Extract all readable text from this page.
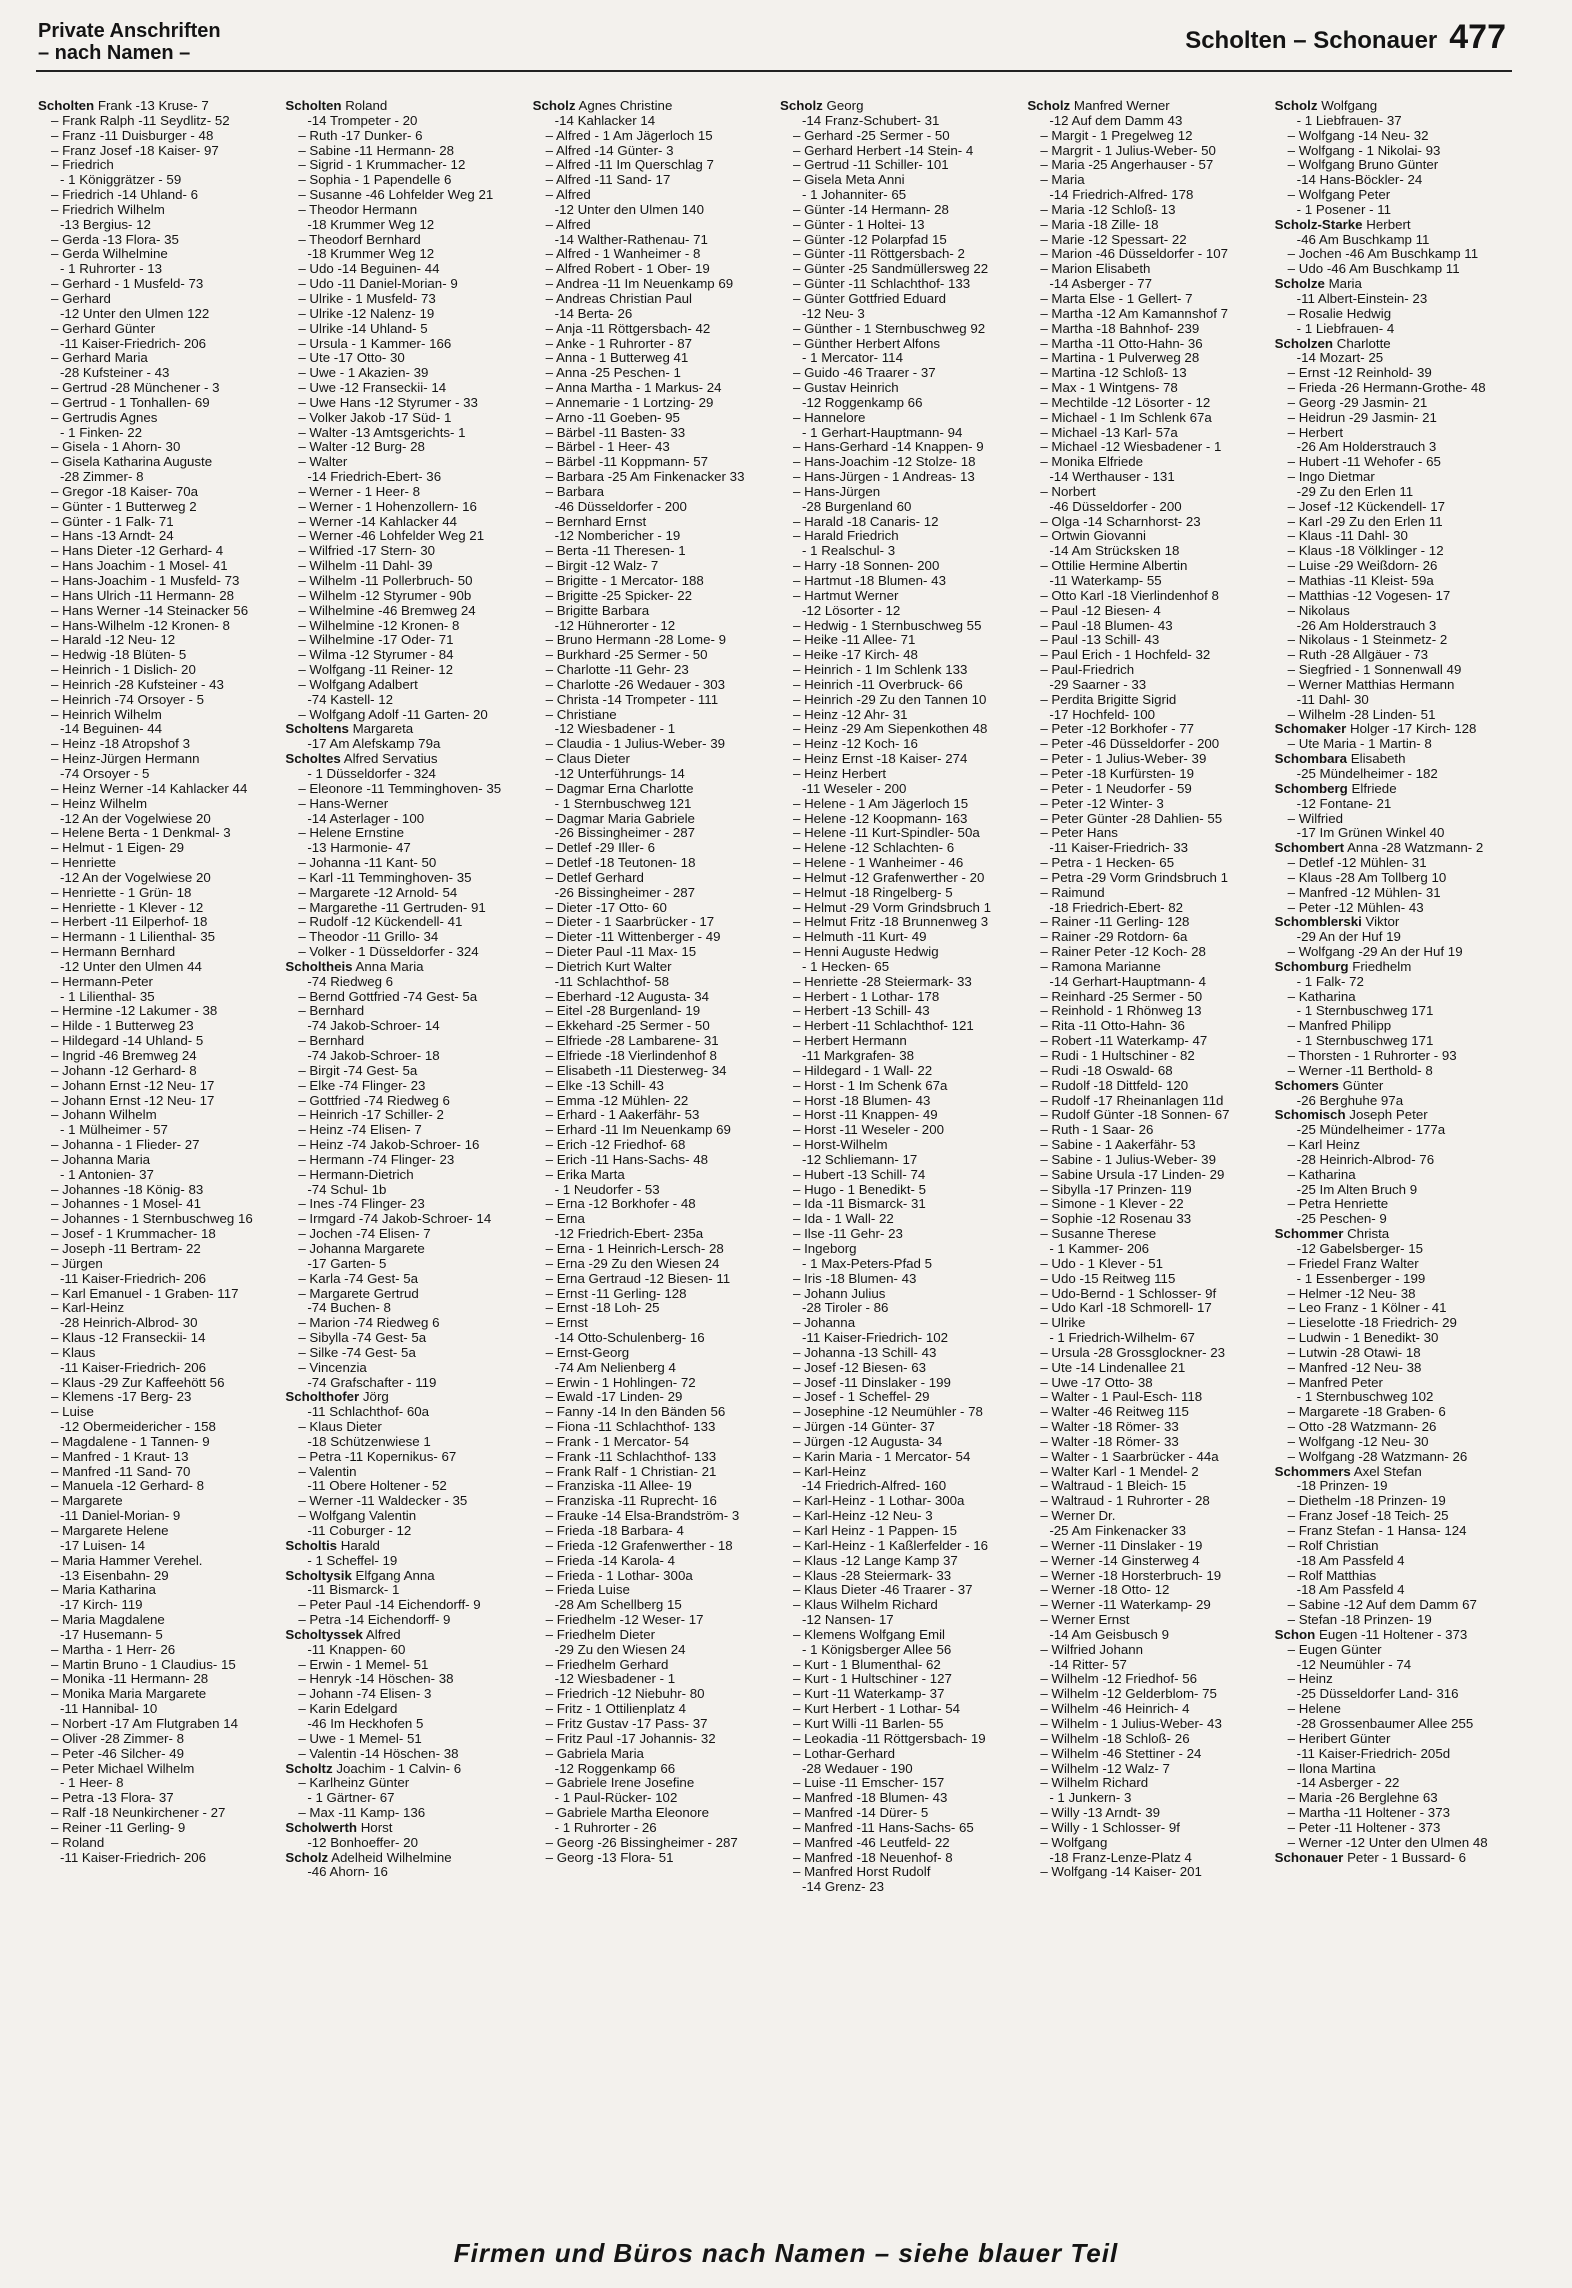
Private Anschriften
– nach Namen –	Scholten – Schonauer 477
Scholten Frank -13 Kruse- 7
– Frank Ralph -11 Seydlitz- 52
– Franz -11 Duisburger - 48
– Franz Josef -18 Kaiser- 97
– Friedrich
- 1 Königgrätzer - 59
– Friedrich -14 Uhland- 6
– Friedrich Wilhelm
-13 Bergius- 12
– Gerda -13 Flora- 35
– Gerda Wilhelmine
- 1 Ruhrorter - 13
– Gerhard - 1 Musfeld- 73
– Gerhard
-12 Unter den Ulmen 122
– Gerhard Günter
-11 Kaiser-Friedrich- 206
– Gerhard Maria
-28 Kufsteiner - 43
– Gertrud -28 Münchener - 3
– Gertrud - 1 Tonhallen- 69
– Gertrudis Agnes
- 1 Finken- 22
– Gisela - 1 Ahorn- 30
– Gisela Katharina Auguste
-28 Zimmer- 8
– Gregor -18 Kaiser- 70a
– Günter - 1 Butterweg 2
– Günter - 1 Falk- 71
– Hans -13 Arndt- 24
– Hans Dieter -12 Gerhard- 4
– Hans Joachim - 1 Mosel- 41
– Hans-Joachim - 1 Musfeld- 73
– Hans Ulrich -11 Hermann- 28
– Hans Werner -14 Steinacker 56
– Hans-Wilhelm -12 Kronen- 8
– Harald -12 Neu- 12
– Hedwig -18 Blüten- 5
– Heinrich - 1 Dislich- 20
– Heinrich -28 Kufsteiner - 43
– Heinrich -74 Orsoyer - 5
– Heinrich Wilhelm
-14 Beguinen- 44
– Heinz -18 Atropshof 3
– Heinz-Jürgen Hermann
-74 Orsoyer - 5
– Heinz Werner -14 Kahlacker 44
– Heinz Wilhelm
-12 An der Vogelwiese 20
– Helene Berta - 1 Denkmal- 3
– Helmut - 1 Eigen- 29
– Henriette
-12 An der Vogelwiese 20
– Henriette - 1 Grün- 18
– Henriette - 1 Klever - 12
– Herbert -11 Eilperhof- 18
– Hermann - 1 Lilienthal- 35
– Hermann Bernhard
-12 Unter den Ulmen 44
– Hermann-Peter
- 1 Lilienthal- 35
– Hermine -12 Lakumer - 38
– Hilde - 1 Butterweg 23
– Hildegard -14 Uhland- 5
– Ingrid -46 Bremweg 24
– Johann -12 Gerhard- 8
– Johann Ernst -12 Neu- 17
– Johann Ernst -12 Neu- 17
– Johann Wilhelm
- 1 Mülheimer - 57
– Johanna - 1 Flieder- 27
– Johanna Maria
- 1 Antonien- 37
– Johannes -18 König- 83
– Johannes - 1 Mosel- 41
– Johannes - 1 Sternbuschweg 16
– Josef - 1 Krummacher- 18
– Joseph -11 Bertram- 22
– Jürgen
-11 Kaiser-Friedrich- 206
– Karl Emanuel - 1 Graben- 117
– Karl-Heinz
-28 Heinrich-Albrod- 30
– Klaus -12 Franseckii- 14
– Klaus
-11 Kaiser-Friedrich- 206
– Klaus -29 Zur Kaffeehött 56
– Klemens -17 Berg- 23
– Luise
-12 Obermeidericher - 158
– Magdalene - 1 Tannen- 9
– Manfred - 1 Kraut- 13
– Manfred -11 Sand- 70
– Manuela -12 Gerhard- 8
– Margarete
-11 Daniel-Morian- 9
– Margarete Helene
-17 Luisen- 14
– Maria Hammer Verehel.
-13 Eisenbahn- 29
– Maria Katharina
-17 Kirch- 119
– Maria Magdalene
-17 Husemann- 5
– Martha - 1 Herr- 26
– Martin Bruno - 1 Claudius- 15
– Monika -11 Hermann- 28
– Monika Maria Margarete
-11 Hannibal- 10
– Norbert -17 Am Flutgraben 14
– Oliver -28 Zimmer- 8
– Peter -46 Silcher- 49
– Peter Michael Wilhelm
- 1 Heer- 8
– Petra -13 Flora- 37
– Ralf -18 Neunkirchener - 27
– Reiner -11 Gerling- 9
– Roland
-11 Kaiser-Friedrich- 206
Scholten Roland
-14 Trompeter - 20
– Ruth -17 Dunker- 6
– Sabine -11 Hermann- 28
– Sigrid - 1 Krummacher- 12
– Sophia - 1 Papendelle 6
– Susanne -46 Lohfelder Weg 21
– Theodor Hermann
-18 Krummer Weg 12
– Theodorf Bernhard
-18 Krummer Weg 12
– Udo -14 Beguinen- 44
– Udo -11 Daniel-Morian- 9
– Ulrike - 1 Musfeld- 73
– Ulrike -12 Nalenz- 19
– Ulrike -14 Uhland- 5
– Ursula - 1 Kammer- 166
– Ute -17 Otto- 30
– Uwe - 1 Akazien- 39
– Uwe -12 Franseckii- 14
– Uwe Hans -12 Styrumer - 33
– Volker Jakob -17 Süd- 1
– Walter -13 Amtsgerichts- 1
– Walter -12 Burg- 28
– Walter
-14 Friedrich-Ebert- 36
– Werner - 1 Heer- 8
– Werner - 1 Hohenzollern- 16
– Werner -14 Kahlacker 44
– Werner -46 Lohfelder Weg 21
– Wilfried -17 Stern- 30
– Wilhelm -11 Dahl- 39
– Wilhelm -11 Pollerbruch- 50
– Wilhelm -12 Styrumer - 90b
– Wilhelmine -46 Bremweg 24
– Wilhelmine -12 Kronen- 8
– Wilhelmine -17 Oder- 71
– Wilma -12 Styrumer - 84
– Wolfgang -11 Reiner- 12
– Wolfgang Adalbert
-74 Kastell- 12
– Wolfgang Adolf -11 Garten- 20
Scholtens Margareta
-17 Am Alefskamp 79a
Scholtes Alfred Servatius
- 1 Düsseldorfer - 324
– Eleonore -11 Temminghoven- 35
– Hans-Werner
-14 Asterlager - 100
– Helene Ernstine
-13 Harmonie- 47
– Johanna -11 Kant- 50
– Karl -11 Temminghoven- 35
– Margarete -12 Arnold- 54
– Margarethe -11 Gertruden- 91
– Rudolf -12 Kückendell- 41
– Theodor -11 Grillo- 34
– Volker - 1 Düsseldorfer - 324
Scholtheis Anna Maria
-74 Riedweg 6
– Bernd Gottfried -74 Gest- 5a
– Bernhard
-74 Jakob-Schroer- 14
– Bernhard
-74 Jakob-Schroer- 18
– Birgit -74 Gest- 5a
– Elke -74 Flinger- 23
– Gottfried -74 Riedweg 6
– Heinrich -17 Schiller- 2
– Heinz -74 Elisen- 7
– Heinz -74 Jakob-Schroer- 16
– Hermann -74 Flinger- 23
– Hermann-Dietrich
-74 Schul- 1b
– Ines -74 Flinger- 23
– Irmgard -74 Jakob-Schroer- 14
– Jochen -74 Elisen- 7
– Johanna Margarete
-17 Garten- 5
– Karla -74 Gest- 5a
– Margarete Gertrud
-74 Buchen- 8
– Marion -74 Riedweg 6
– Sibylla -74 Gest- 5a
– Silke -74 Gest- 5a
– Vincenzia
-74 Grafschafter - 119
Scholthofer Jörg
-11 Schlachthof- 60a
– Klaus Dieter
-18 Schützenwiese 1
– Petra -11 Kopernikus- 67
– Valentin
-11 Obere Holtener - 52
– Werner -11 Waldecker - 35
– Wolfgang Valentin
-11 Coburger - 12
Scholtis Harald
- 1 Scheffel- 19
Scholtysik Elfgang Anna
-11 Bismarck- 1
– Peter Paul -14 Eichendorff- 9
– Petra -14 Eichendorff- 9
Scholtyssek Alfred
-11 Knappen- 60
– Erwin - 1 Memel- 51
– Henryk -14 Höschen- 38
– Johann -74 Elisen- 3
– Karin Edelgard
-46 Im Heckhofen 5
– Uwe - 1 Memel- 51
– Valentin -14 Höschen- 38
Scholtz Joachim - 1 Calvin- 6
– Karlheinz Günter
- 1 Gärtner- 67
– Max -11 Kamp- 136
Scholwerth Horst
-12 Bonhoeffer- 20
Scholz Adelheid Wilhelmine
-46 Ahorn- 16
Scholz Agnes Christine
-14 Kahlacker 14
– Alfred - 1 Am Jägerloch 15
– Alfred -14 Günter- 3
– Alfred -11 Im Querschlag 7
– Alfred -11 Sand- 17
– Alfred
-12 Unter den Ulmen 140
– Alfred
-14 Walther-Rathenau- 71
– Alfred - 1 Wanheimer - 8
– Alfred Robert - 1 Ober- 19
– Andrea -11 Im Neuenkamp 69
– Andreas Christian Paul
-14 Berta- 26
– Anja -11 Röttgersbach- 42
– Anke - 1 Ruhrorter - 87
– Anna - 1 Butterweg 41
– Anna -25 Peschen- 1
– Anna Martha - 1 Markus- 24
– Annemarie - 1 Lortzing- 29
– Arno -11 Goeben- 95
– Bärbel -11 Basten- 33
– Bärbel - 1 Heer- 43
– Bärbel -11 Koppmann- 57
– Barbara -25 Am Finkenacker 33
– Barbara
-46 Düsseldorfer - 200
– Bernhard Ernst
-12 Nombericher - 19
– Berta -11 Theresen- 1
– Birgit -12 Walz- 7
– Brigitte - 1 Mercator- 188
– Brigitte -25 Spicker- 22
– Brigitte Barbara
-12 Hühnerorter - 12
– Bruno Hermann -28 Lome- 9
– Burkhard -25 Sermer - 50
– Charlotte -11 Gehr- 23
– Charlotte -26 Wedauer - 303
– Christa -14 Trompeter - 111
– Christiane
-12 Wiesbadener - 1
– Claudia - 1 Julius-Weber- 39
– Claus Dieter
-12 Unterführungs- 14
– Dagmar Erna Charlotte
- 1 Sternbuschweg 121
– Dagmar Maria Gabriele
-26 Bissingheimer - 287
– Detlef -29 Iller- 6
– Detlef -18 Teutonen- 18
– Detlef Gerhard
-26 Bissingheimer - 287
– Dieter -17 Otto- 60
– Dieter - 1 Saarbrücker - 17
– Dieter -11 Wittenberger - 49
– Dieter Paul -11 Max- 15
– Dietrich Kurt Walter
-11 Schlachthof- 58
– Eberhard -12 Augusta- 34
– Eitel -28 Burgenland- 19
– Ekkehard -25 Sermer - 50
– Elfriede -28 Lambarene- 31
– Elfriede -18 Vierlindenhof 8
– Elisabeth -11 Diesterweg- 34
– Elke -13 Schill- 43
– Emma -12 Mühlen- 22
– Erhard - 1 Aakerfähr- 53
– Erhard -11 Im Neuenkamp 69
– Erich -12 Friedhof- 68
– Erich -11 Hans-Sachs- 48
– Erika Marta
- 1 Neudorfer - 53
– Erna -12 Borkhofer - 48
– Erna
-12 Friedrich-Ebert- 235a
– Erna - 1 Heinrich-Lersch- 28
– Erna -29 Zu den Wiesen 24
– Erna Gertraud -12 Biesen- 11
– Ernst -11 Gerling- 128
– Ernst -18 Loh- 25
– Ernst
-14 Otto-Schulenberg- 16
– Ernst-Georg
-74 Am Nelienberg 4
– Erwin - 1 Hohlingen- 72
– Ewald -17 Linden- 29
– Fanny -14 In den Bänden 56
– Fiona -11 Schlachthof- 133
– Frank - 1 Mercator- 54
– Frank -11 Schlachthof- 133
– Frank Ralf - 1 Christian- 21
– Franziska -11 Allee- 19
– Franziska -11 Ruprecht- 16
– Frauke -14 Elsa-Brandström- 3
– Frieda -18 Barbara- 4
– Frieda -12 Grafenwerther - 18
– Frieda -14 Karola- 4
– Frieda - 1 Lothar- 300a
– Frieda Luise
-28 Am Schellberg 15
– Friedhelm -12 Weser- 17
– Friedhelm Dieter
-29 Zu den Wiesen 24
– Friedhelm Gerhard
-12 Wiesbadener - 1
– Friedrich -12 Niebuhr- 80
– Fritz - 1 Ottilienplatz 4
– Fritz Gustav -17 Pass- 37
– Fritz Paul -17 Johannis- 32
– Gabriela Maria
-12 Roggenkamp 66
– Gabriele Irene Josefine
- 1 Paul-Rücker- 102
– Gabriele Martha Eleonore
- 1 Ruhrorter - 26
– Georg -26 Bissingheimer - 287
– Georg -13 Flora- 51
Scholz Georg
-14 Franz-Schubert- 31
– Gerhard -25 Sermer - 50
– Gerhard Herbert -14 Stein- 4
– Gertrud -11 Schiller- 101
– Gisela Meta Anni
- 1 Johanniter- 65
– Günter -14 Hermann- 28
– Günter - 1 Holtei- 13
– Günter -12 Polarpfad 15
– Günter -11 Röttgersbach- 2
– Günter -25 Sandmüllersweg 22
– Günter -11 Schlachthof- 133
– Günter Gottfried Eduard
-12 Neu- 3
– Günther - 1 Sternbuschweg 92
– Günther Herbert Alfons
- 1 Mercator- 114
– Guido -46 Traarer - 37
– Gustav Heinrich
-12 Roggenkamp 66
– Hannelore
- 1 Gerhart-Hauptmann- 94
– Hans-Gerhard -14 Knappen- 9
– Hans-Joachim -12 Stolze- 18
– Hans-Jürgen - 1 Andreas- 13
– Hans-Jürgen
-28 Burgenland 60
– Harald -18 Canaris- 12
– Harald Friedrich
- 1 Realschul- 3
– Harry -18 Sonnen- 200
– Hartmut -18 Blumen- 43
– Hartmut Werner
-12 Lösorter - 12
– Hedwig - 1 Sternbuschweg 55
– Heike -11 Allee- 71
– Heike -17 Kirch- 48
– Heinrich - 1 Im Schlenk 133
– Heinrich -11 Overbruck- 66
– Heinrich -29 Zu den Tannen 10
– Heinz -12 Ahr- 31
– Heinz -29 Am Siepenkothen 48
– Heinz -12 Koch- 16
– Heinz Ernst -18 Kaiser- 274
– Heinz Herbert
-11 Weseler - 200
– Helene - 1 Am Jägerloch 15
– Helene -12 Koopmann- 163
– Helene -11 Kurt-Spindler- 50a
– Helene -12 Schlachten- 6
– Helene - 1 Wanheimer - 46
– Helmut -12 Grafenwerther - 20
– Helmut -18 Ringelberg- 5
– Helmut -29 Vorm Grindsbruch 1
– Helmut Fritz -18 Brunnenweg 3
– Helmuth -11 Kurt- 49
– Henni Auguste Hedwig
- 1 Hecken- 65
– Henriette -28 Steiermark- 33
– Herbert - 1 Lothar- 178
– Herbert -13 Schill- 43
– Herbert -11 Schlachthof- 121
– Herbert Hermann
-11 Markgrafen- 38
– Hildegard - 1 Wall- 22
– Horst - 1 Im Schenk 67a
– Horst -18 Blumen- 43
– Horst -11 Knappen- 49
– Horst -11 Weseler - 200
– Horst-Wilhelm
-12 Schliemann- 17
– Hubert -13 Schill- 74
– Hugo - 1 Benedikt- 5
– Ida -11 Bismarck- 31
– Ida - 1 Wall- 22
– Ilse -11 Gehr- 23
– Ingeborg
- 1 Max-Peters-Pfad 5
– Iris -18 Blumen- 43
– Johann Julius
-28 Tiroler - 86
– Johanna
-11 Kaiser-Friedrich- 102
– Johanna -13 Schill- 43
– Josef -12 Biesen- 63
– Josef -11 Dinslaker - 199
– Josef - 1 Scheffel- 29
– Josephine -12 Neumühler - 78
– Jürgen -14 Günter- 37
– Jürgen -12 Augusta- 34
– Karin Maria - 1 Mercator- 54
– Karl-Heinz
-14 Friedrich-Alfred- 160
– Karl-Heinz - 1 Lothar- 300a
– Karl-Heinz -12 Neu- 3
– Karl Heinz - 1 Pappen- 15
– Karl-Heinz - 1 Kaßlerfelder - 16
– Klaus -12 Lange Kamp 37
– Klaus -28 Steiermark- 33
– Klaus Dieter -46 Traarer - 37
– Klaus Wilhelm Richard
-12 Nansen- 17
– Klemens Wolfgang Emil
- 1 Königsberger Allee 56
– Kurt - 1 Blumenthal- 62
– Kurt - 1 Hultschiner - 127
– Kurt -11 Waterkamp- 37
– Kurt Herbert - 1 Lothar- 54
– Kurt Willi -11 Barlen- 55
– Leokadia -11 Röttgersbach- 19
– Lothar-Gerhard
-28 Wedauer - 190
– Luise -11 Emscher- 157
– Manfred -18 Blumen- 43
– Manfred -14 Dürer- 5
– Manfred -11 Hans-Sachs- 65
– Manfred -46 Leutfeld- 22
– Manfred -18 Neuenhof- 8
– Manfred Horst Rudolf
-14 Grenz- 23
Scholz Manfred Werner
-12 Auf dem Damm 43
– Margit - 1 Pregelweg 12
– Margrit - 1 Julius-Weber- 50
– Maria -25 Angerhauser - 57
– Maria
-14 Friedrich-Alfred- 178
– Maria -12 Schloß- 13
– Maria -18 Zille- 18
– Marie -12 Spessart- 22
– Marion -46 Düsseldorfer - 107
– Marion Elisabeth
-14 Asberger - 77
– Marta Else - 1 Gellert- 7
– Martha -12 Am Kamannshof 7
– Martha -18 Bahnhof- 239
– Martha -11 Otto-Hahn- 36
– Martina - 1 Pulverweg 28
– Martina -12 Schloß- 13
– Max - 1 Wintgens- 78
– Mechtilde -12 Lösorter - 12
– Michael - 1 Im Schlenk 67a
– Michael -13 Karl- 57a
– Michael -12 Wiesbadener - 1
– Monika Elfriede
-14 Werthauser - 131
– Norbert
-46 Düsseldorfer - 200
– Olga -14 Scharnhorst- 23
– Ortwin Giovanni
-14 Am Strücksken 18
– Ottilie Hermine Albertin
-11 Waterkamp- 55
– Otto Karl -18 Vierlindenhof 8
– Paul -12 Biesen- 4
– Paul -18 Blumen- 43
– Paul -13 Schill- 43
– Paul Erich - 1 Hochfeld- 32
– Paul-Friedrich
-29 Saarner - 33
– Perdita Brigitte Sigrid
-17 Hochfeld- 100
– Peter -12 Borkhofer - 77
– Peter -46 Düsseldorfer - 200
– Peter - 1 Julius-Weber- 39
– Peter -18 Kurfürsten- 19
– Peter - 1 Neudorfer - 59
– Peter -12 Winter- 3
– Peter Günter -28 Dahlien- 55
– Peter Hans
-11 Kaiser-Friedrich- 33
– Petra - 1 Hecken- 65
– Petra -29 Vorm Grindsbruch 1
– Raimund
-18 Friedrich-Ebert- 82
– Rainer -11 Gerling- 128
– Rainer -29 Rotdorn- 6a
– Rainer Peter -12 Koch- 28
– Ramona Marianne
-14 Gerhart-Hauptmann- 4
– Reinhard -25 Sermer - 50
– Reinhold - 1 Rhönweg 13
– Rita -11 Otto-Hahn- 36
– Robert -11 Waterkamp- 47
– Rudi - 1 Hultschiner - 82
– Rudi -18 Oswald- 68
– Rudolf -18 Dittfeld- 120
– Rudolf -17 Rheinanlagen 11d
– Rudolf Günter -18 Sonnen- 67
– Ruth - 1 Saar- 26
– Sabine - 1 Aakerfähr- 53
– Sabine - 1 Julius-Weber- 39
– Sabine Ursula -17 Linden- 29
– Sibylla -17 Prinzen- 119
– Simone - 1 Klever - 22
– Sophie -12 Rosenau 33
– Susanne Therese
- 1 Kammer- 206
– Udo - 1 Klever - 51
– Udo -15 Reitweg 115
– Udo-Bernd - 1 Schlosser- 9f
– Udo Karl -18 Schmorell- 17
– Ulrike
- 1 Friedrich-Wilhelm- 67
– Ursula -28 Grossglockner- 23
– Ute -14 Lindenallee 21
– Uwe -17 Otto- 38
– Walter - 1 Paul-Esch- 118
– Walter -46 Reitweg 115
– Walter -18 Römer- 33
– Walter -18 Römer- 33
– Walter - 1 Saarbrücker - 44a
– Walter Karl - 1 Mendel- 2
– Waltraud - 1 Bleich- 15
– Waltraud - 1 Ruhrorter - 28
– Werner Dr.
-25 Am Finkenacker 33
– Werner -11 Dinslaker - 19
– Werner -14 Ginsterweg 4
– Werner -18 Horsterbruch- 19
– Werner -18 Otto- 12
– Werner -11 Waterkamp- 29
– Werner Ernst
-14 Am Geisbusch 9
– Wilfried Johann
-14 Ritter- 57
– Wilhelm -12 Friedhof- 56
– Wilhelm -12 Gelderblom- 75
– Wilhelm -46 Heinrich- 4
– Wilhelm - 1 Julius-Weber- 43
– Wilhelm -18 Schloß- 26
– Wilhelm -46 Stettiner - 24
– Wilhelm -12 Walz- 7
– Wilhelm Richard
- 1 Junkern- 3
– Willy -13 Arndt- 39
– Willy - 1 Schlosser- 9f
– Wolfgang
-18 Franz-Lenze-Platz 4
– Wolfgang -14 Kaiser- 201
Scholz Wolfgang
- 1 Liebfrauen- 37
– Wolfgang -14 Neu- 32
– Wolfgang - 1 Nikolai- 93
– Wolfgang Bruno Günter
-14 Hans-Böckler- 24
– Wolfgang Peter
- 1 Posener - 11
Scholz-Starke Herbert
-46 Am Buschkamp 11
– Jochen -46 Am Buschkamp 11
– Udo -46 Am Buschkamp 11
Scholze Maria
-11 Albert-Einstein- 23
– Rosalie Hedwig
- 1 Liebfrauen- 4
Scholzen Charlotte
-14 Mozart- 25
– Ernst -12 Reinhold- 39
– Frieda -26 Hermann-Grothe- 48
– Georg -29 Jasmin- 21
– Heidrun -29 Jasmin- 21
– Herbert
-26 Am Holderstrauch 3
– Hubert -11 Wehofer - 65
– Ingo Dietmar
-29 Zu den Erlen 11
– Josef -12 Kückendell- 17
– Karl -29 Zu den Erlen 11
– Klaus -11 Dahl- 30
– Klaus -18 Völklinger - 12
– Luise -29 Weißdorn- 26
– Mathias -11 Kleist- 59a
– Matthias -12 Vogesen- 17
– Nikolaus
-26 Am Holderstrauch 3
– Nikolaus - 1 Steinmetz- 2
– Ruth -28 Allgäuer - 73
– Siegfried - 1 Sonnenwall 49
– Werner Matthias Hermann
-11 Dahl- 30
– Wilhelm -28 Linden- 51
Schomaker Holger -17 Kirch- 128
– Ute Maria - 1 Martin- 8
Schombara Elisabeth
-25 Mündelheimer - 182
Schomberg Elfriede
-12 Fontane- 21
– Wilfried
-17 Im Grünen Winkel 40
Schombert Anna -28 Watzmann- 2
– Detlef -12 Mühlen- 31
– Klaus -28 Am Tollberg 10
– Manfred -12 Mühlen- 31
– Peter -12 Mühlen- 43
Schomblerski Viktor
-29 An der Huf 19
– Wolfgang -29 An der Huf 19
Schomburg Friedhelm
- 1 Falk- 72
– Katharina
- 1 Sternbuschweg 171
– Manfred Philipp
- 1 Sternbuschweg 171
– Thorsten - 1 Ruhrorter - 93
– Werner -11 Berthold- 8
Schomers Günter
-26 Berghuhe 97a
Schomisch Joseph Peter
-25 Mündelheimer - 177a
– Karl Heinz
-28 Heinrich-Albrod- 76
– Katharina
-25 Im Alten Bruch 9
– Petra Henriette
-25 Peschen- 9
Schommer Christa
-12 Gabelsberger- 15
– Friedel Franz Walter
- 1 Essenberger - 199
– Helmer -12 Neu- 38
– Leo Franz - 1 Kölner - 41
– Lieselotte -18 Friedrich- 29
– Ludwin - 1 Benedikt- 30
– Lutwin -28 Otawi- 18
– Manfred -12 Neu- 38
– Manfred Peter
- 1 Sternbuschweg 102
– Margarete -18 Graben- 6
– Otto -28 Watzmann- 26
– Wolfgang -12 Neu- 30
– Wolfgang -28 Watzmann- 26
Schommers Axel Stefan
-18 Prinzen- 19
– Diethelm -18 Prinzen- 19
– Franz Josef -18 Teich- 25
– Franz Stefan - 1 Hansa- 124
– Rolf Christian
-18 Am Passfeld 4
– Rolf Matthias
-18 Am Passfeld 4
– Sabine -12 Auf dem Damm 67
– Stefan -18 Prinzen- 19
Schon Eugen -11 Holtener - 373
– Eugen Günter
-12 Neumühler - 74
– Heinz
-25 Düsseldorfer Land- 316
– Helene
-28 Grossenbaumer Allee 255
– Heribert Günter
-11 Kaiser-Friedrich- 205d
– Ilona Martina
-14 Asberger - 22
– Maria -26 Berglehne 63
– Martha -11 Holtener - 373
– Peter -11 Holtener - 373
– Werner -12 Unter den Ulmen 48
Schonauer Peter - 1 Bussard- 6
Firmen und Büros nach Namen – siehe blauer Teil
